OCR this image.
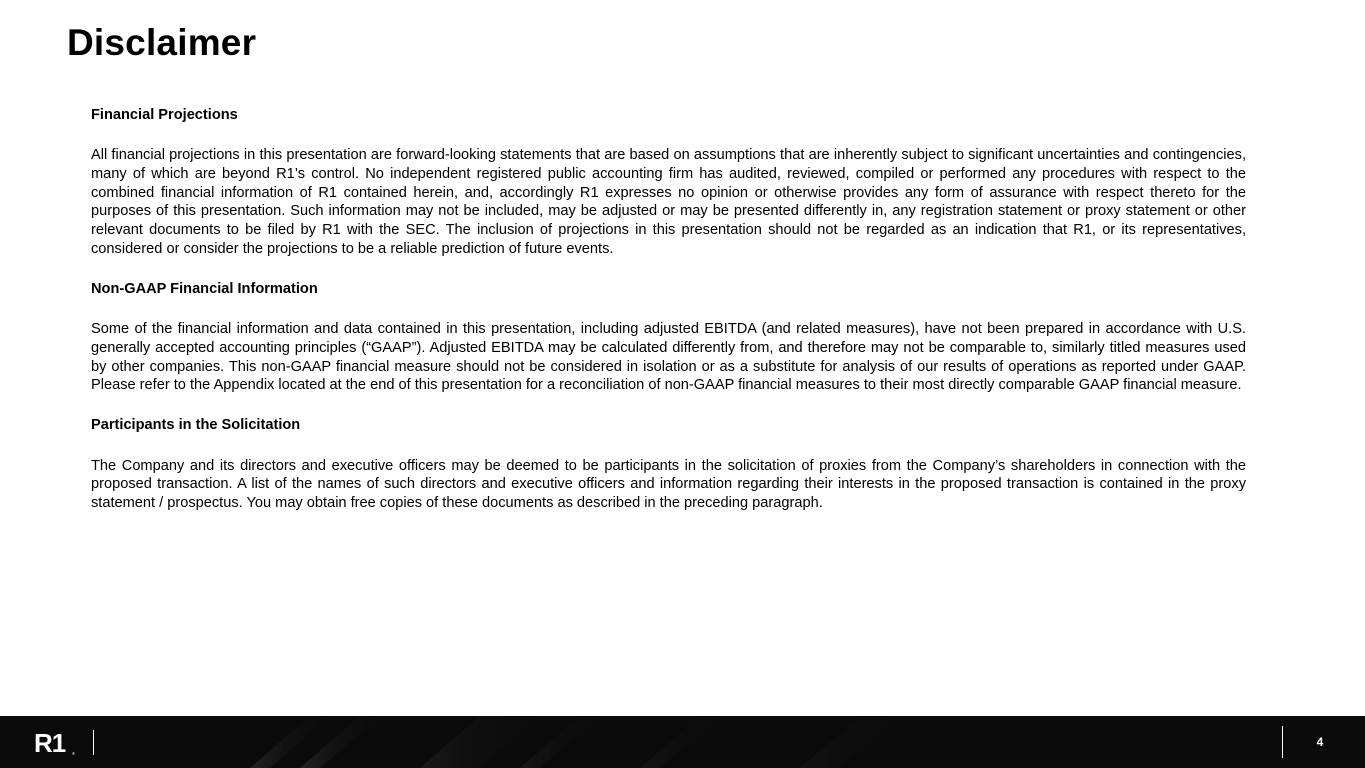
Disclaimer
Financial Projections

All financial projections in this presentation are forward-looking statements that are based on assumptions that are inherently subject to significant uncertainties and contingencies, many of which are beyond R1’s control. No independent registered public accounting firm has audited, reviewed, compiled or performed any procedures with respect to the combined financial information of R1 contained herein, and, accordingly R1 expresses no opinion or otherwise provides any form of assurance with respect thereto for the purposes of this presentation. Such information may not be included, may be adjusted or may be presented differently in, any registration statement or proxy statement or other relevant documents to be filed by R1 with the SEC. The inclusion of projections in this presentation should not be regarded as an indication that R1, or its representatives, considered or consider the projections to be a reliable prediction of future events.

Non-GAAP Financial Information

Some of the financial information and data contained in this presentation, including adjusted EBITDA (and related measures), have not been prepared in accordance with U.S. generally accepted accounting principles (“GAAP”). Adjusted EBITDA may be calculated differently from, and therefore may not be comparable to, similarly titled measures used by other companies. This non-GAAP financial measure should not be considered in isolation or as a substitute for analysis of our results of operations as reported under GAAP. Please refer to the Appendix located at the end of this presentation for a reconciliation of non-GAAP financial measures to their most directly comparable GAAP financial measure.

Participants in the Solicitation

The Company and its directors and executive officers may be deemed to be participants in the solicitation of proxies from the Company’s shareholders in connection with the proposed transaction. A list of the names of such directors and executive officers and information regarding their interests in the proposed transaction is contained in the proxy statement / prospectus. You may obtain free copies of these documents as described in the preceding paragraph.

R1 ®
4
